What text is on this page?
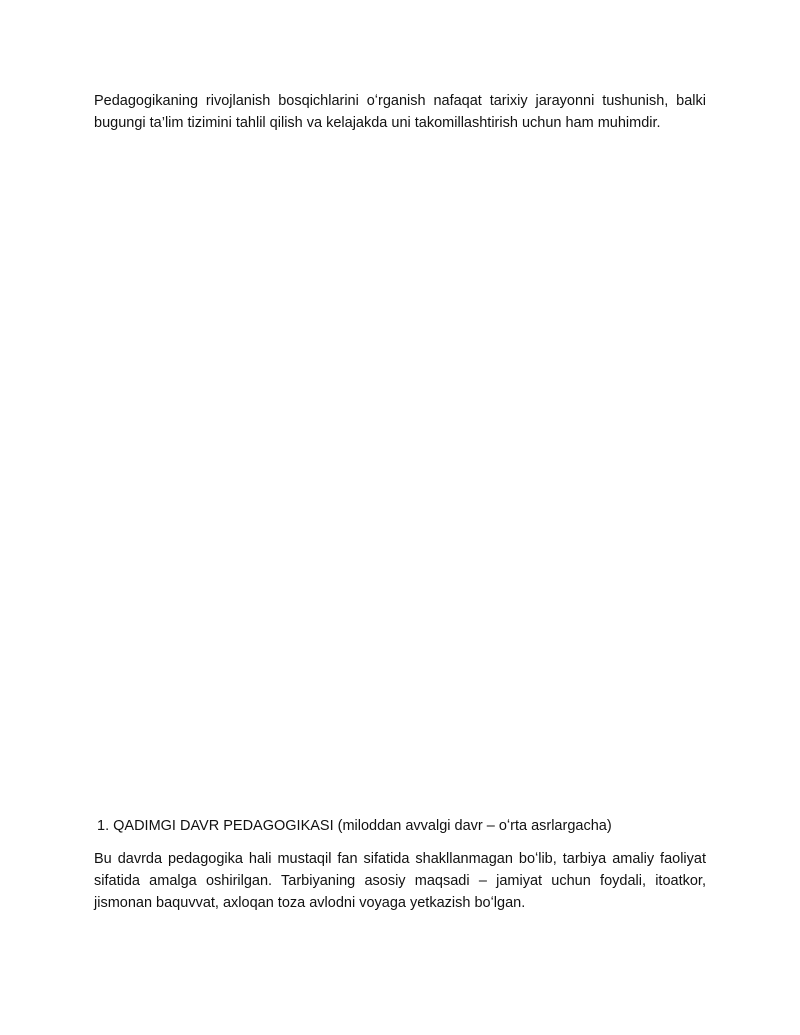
Pedagogikaning rivojlanish bosqichlarini oʻrganish nafaqat tarixiy jarayonni tushunish, balki bugungi ta’lim tizimini tahlil qilish va kelajakda uni takomillashtirish uchun ham muhimdir.

1. QADIMGI DAVR PEDAGOGIKASI (miloddan avvalgi davr – oʻrta asrlargacha)

Bu davrda pedagogika hali mustaqil fan sifatida shakllanmagan boʻlib, tarbiya amaliy faoliyat sifatida amalga oshirilgan. Tarbiyaning asosiy maqsadi – jamiyat uchun foydali, itoatkor, jismonan baquvvat, axloqan toza avlodni voyaga yetkazish boʻlgan.
